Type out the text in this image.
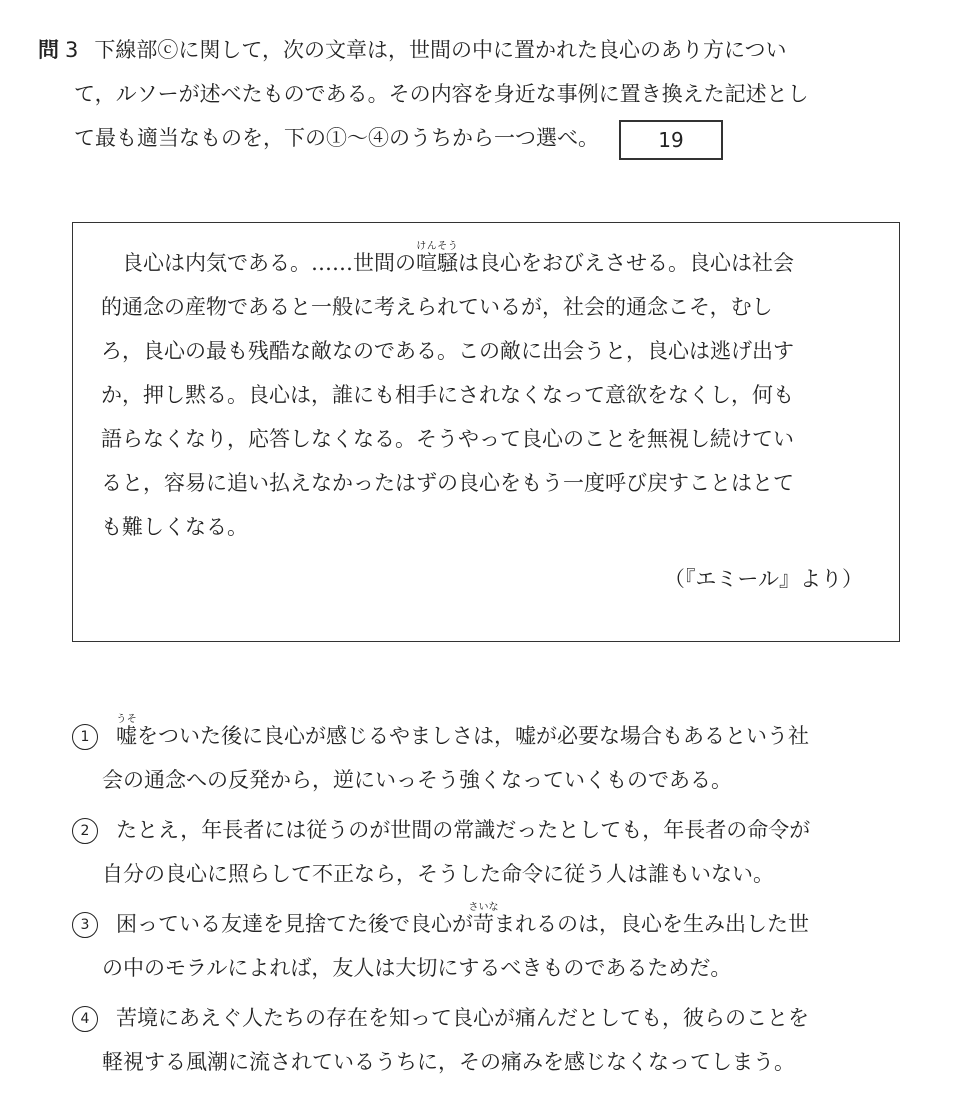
問 3 下線部ⓒに関して，次の文章は，世間の中に置かれた良心のあり方につい
て，ルソーが述べたものである。その内容を身近な事例に置き換えた記述とし
て最も適当なものを，下の①～④のうちから一つ選べ。	19
良心は内気である。……世間の喧騒けんそうは良心をおびえさせる。良心は社会
的通念の産物であると一般に考えられているが，社会的通念こそ，むし
ろ，良心の最も残酷な敵なのである。この敵に出会うと，良心は逃げ出す
か，押し黙る。良心は，誰にも相手にされなくなって意欲をなくし，何も
語らなくなり，応答しなくなる。そうやって良心のことを無視し続けてい
ると，容易に追い払えなかったはずの良心をもう一度呼び戻すことはとて
も難しくなる。
（『エミール』より）
1 嘘うそをついた後に良心が感じるやましさは，嘘が必要な場合もあるという社
会の通念への反発から，逆にいっそう強くなっていくものである。
2 たとえ，年長者には従うのが世間の常識だったとしても，年長者の命令が
自分の良心に照らして不正なら，そうした命令に従う人は誰もいない。
3 困っている友達を見捨てた後で良心が苛さいなまれるのは，良心を生み出した世
の中のモラルによれば，友人は大切にするべきものであるためだ。
4 苦境にあえぐ人たちの存在を知って良心が痛んだとしても，彼らのことを
軽視する風潮に流されているうちに，その痛みを感じなくなってしまう。
